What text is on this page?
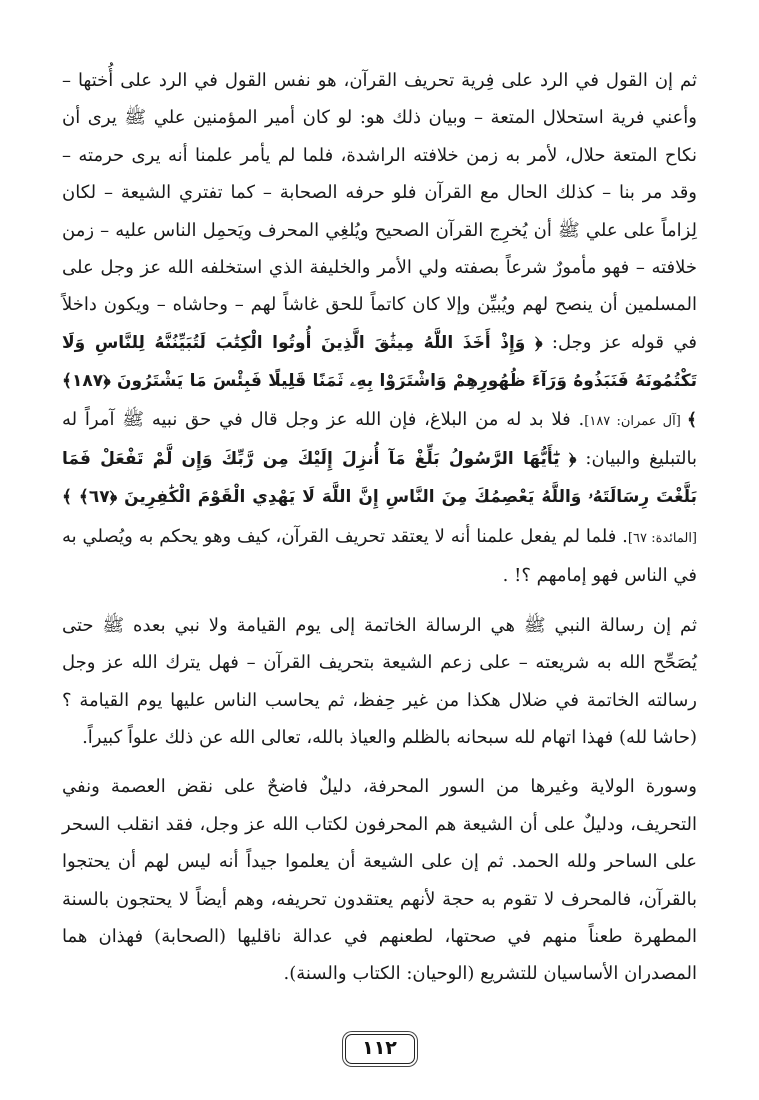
ثم إن القول في الرد على فِرية تحريف القرآن، هو نفس القول في الرد على أُختها – وأعني فرية استحلال المتعة – وبيان ذلك هو: لو كان أمير المؤمنين علي ﷺ يرى أن نكاح المتعة حلال، لأمر به زمن خلافته الراشدة، فلما لم يأمر علمنا أنه يرى حرمته – وقد مر بنا – كذلك الحال مع القرآن فلو حرفه الصحابة – كما تفتري الشيعة – لكان لِزاماً على علي ﷺ أن يُخرِج القرآن الصحيح ويُلغِي المحرف ويَحمِل الناس عليه – زمن خلافته – فهو مأمورٌ شرعاً بصفته ولي الأمر والخليفة الذي استخلفه الله عز وجل على المسلمين أن ينصح لهم ويُبيِّن وإلا كان كاتماً للحق غاشاً لهم – وحاشاه – ويكون داخلاً في قوله عز وجل: ﴿ وَإِذْ أَخَذَ اللَّهُ مِيثَٰقَ الَّذِينَ أُوتُوا الْكِتَٰبَ لَتُبَيِّنُنَّهُ لِلنَّاسِ وَلَا تَكْتُمُونَهُ فَنَبَذُوهُ وَرَآءَ ظُهُورِهِمْ وَاشْتَرَوْا بِهِۦ ثَمَنًا قَلِيلًا فَبِئْسَ مَا يَشْتَرُونَ ﴿١٨٧﴾ ﴾ [آل عمران: ١٨٧]. فلا بد له من البلاغ، فإن الله عز وجل قال في حق نبيه ﷺ آمراً له بالتبليغ والبيان: ﴿ يَٰٓأَيُّهَا الرَّسُولُ بَلِّغْ مَآ أُنزِلَ إِلَيْكَ مِن رَّبِّكَ وَإِن لَّمْ تَفْعَلْ فَمَا بَلَّغْتَ رِسَالَتَهُۥ وَاللَّهُ يَعْصِمُكَ مِنَ النَّاسِ إِنَّ اللَّهَ لَا يَهْدِي الْقَوْمَ الْكَٰفِرِينَ ﴿٦٧﴾ ﴾ [المائدة: ٦٧]. فلما لم يفعل علمنا أنه لا يعتقد تحريف القرآن، كيف وهو يحكم به ويُصلي به في الناس فهو إمامهم ؟! .

ثم إن رسالة النبي ﷺ هي الرسالة الخاتمة إلى يوم القيامة ولا نبي بعده ﷺ حتى يُصَحِّح الله به شريعته – على زعم الشيعة بتحريف القرآن – فهل يترك الله عز وجل رسالته الخاتمة في ضلال هكذا من غير حِفظ، ثم يحاسب الناس عليها يوم القيامة ؟ (حاشا لله) فهذا اتهام لله سبحانه بالظلم والعياذ بالله، تعالى الله عن ذلك علواً كبيراً.

وسورة الولاية وغيرها من السور المحرفة، دليلٌ فاضحٌ على نقض العصمة ونفي التحريف، ودليلٌ على أن الشيعة هم المحرفون لكتاب الله عز وجل، فقد انقلب السحر على الساحر ولله الحمد. ثم إن على الشيعة أن يعلموا جيداً أنه ليس لهم أن يحتجوا بالقرآن، فالمحرف لا تقوم به حجة لأنهم يعتقدون تحريفه، وهم أيضاً لا يحتجون بالسنة المطهرة طعناً منهم في صحتها، لطعنهم في عدالة ناقليها (الصحابة) فهذان هما المصدران الأساسيان للتشريع (الوحيان: الكتاب والسنة).

١١٢
